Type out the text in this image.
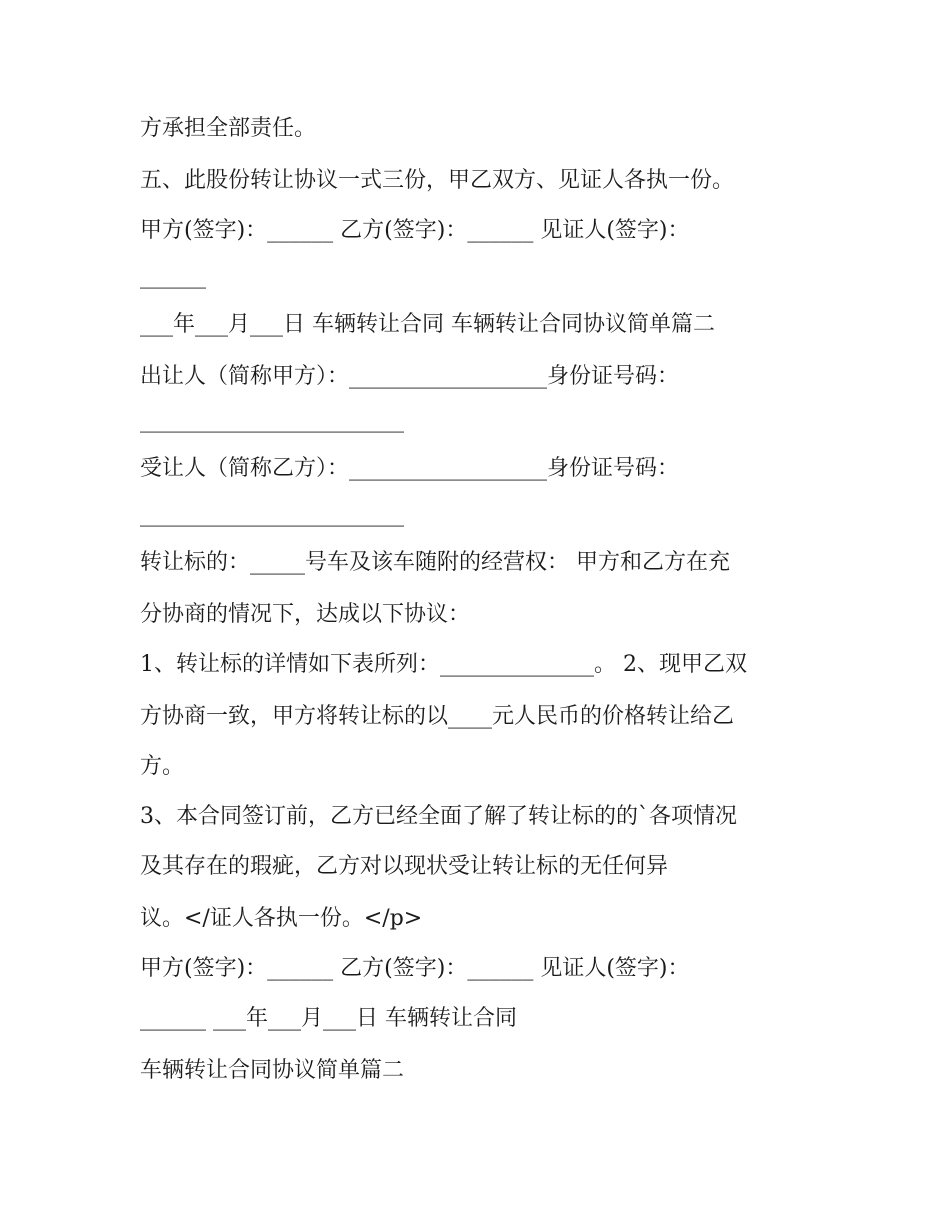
方承担全部责任。
五、此股份转让协议一式三份，甲乙双方、见证人各执一份。
甲方(签字)：______ 乙方(签字)：______ 见证人(签字)：
______
___年___月___日 车辆转让合同 车辆转让合同协议简单篇二
出让人（简称甲方）：__________________身份证号码：
________________________
受让人（简称乙方）：__________________身份证号码：
________________________
转让标的：_____号车及该车随附的经营权： 甲方和乙方在充
分协商的情况下，达成以下协议：
1、转让标的详情如下表所列：______________。 2、现甲乙双
方协商一致，甲方将转让标的以____元人民币的价格转让给乙
方。
3、本合同签订前，乙方已经全面了解了转让标的的`各项情况
及其存在的瑕疵，乙方对以现状受让转让标的无任何异
议。</证人各执一份。</p>
甲方(签字)：______ 乙方(签字)：______ 见证人(签字)：
______ ___年___月___日 车辆转让合同
车辆转让合同协议简单篇二
